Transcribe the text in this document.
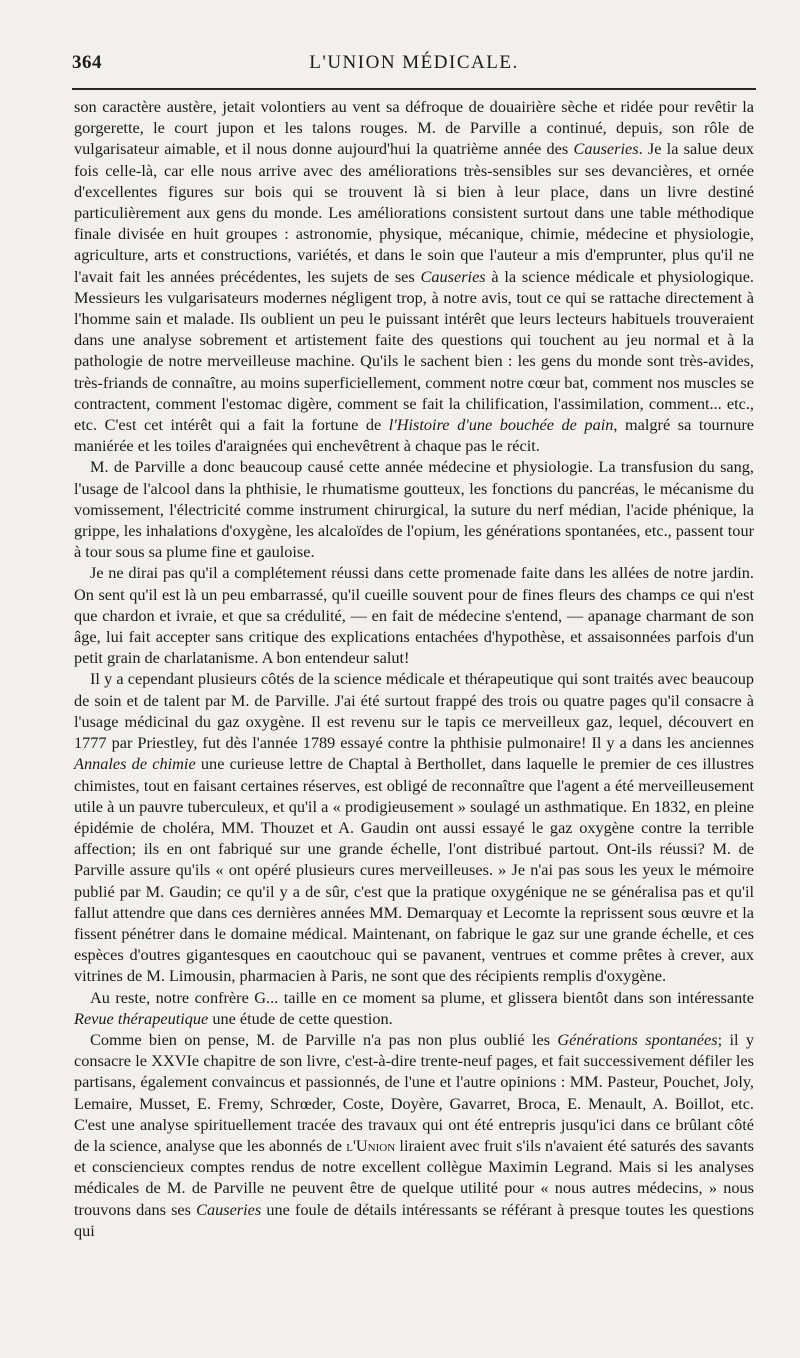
364	L'UNION MÉDICALE.

son caractère austère, jetait volontiers au vent sa défroque de douairière sèche et ridée pour revêtir la gorgerette, le court jupon et les talons rouges. M. de Parville a continué, depuis, son rôle de vulgarisateur aimable, et il nous donne aujourd'hui la quatrième année des Causeries. Je la salue deux fois celle-là, car elle nous arrive avec des améliorations très-sensibles sur ses devancières, et ornée d'excellentes figures sur bois qui se trouvent là si bien à leur place, dans un livre destiné particulièrement aux gens du monde. Les améliorations consistent surtout dans une table méthodique finale divisée en huit groupes : astronomie, physique, mécanique, chimie, médecine et physiologie, agriculture, arts et constructions, variétés, et dans le soin que l'auteur a mis d'emprunter, plus qu'il ne l'avait fait les années précédentes, les sujets de ses Causeries à la science médicale et physiologique. Messieurs les vulgarisateurs modernes négligent trop, à notre avis, tout ce qui se rattache directement à l'homme sain et malade. Ils oublient un peu le puissant intérêt que leurs lecteurs habituels trouveraient dans une analyse sobrement et artistement faite des questions qui touchent au jeu normal et à la pathologie de notre merveilleuse machine. Qu'ils le sachent bien : les gens du monde sont très-avides, très-friands de connaître, au moins superficiellement, comment notre cœur bat, comment nos muscles se contractent, comment l'estomac digère, comment se fait la chilification, l'assimilation, comment... etc., etc. C'est cet intérêt qui a fait la fortune de l'Histoire d'une bouchée de pain, malgré sa tournure maniérée et les toiles d'araignées qui enchevêtrent à chaque pas le récit.

M. de Parville a donc beaucoup causé cette année médecine et physiologie. La transfusion du sang, l'usage de l'alcool dans la phthisie, le rhumatisme goutteux, les fonctions du pancréas, le mécanisme du vomissement, l'électricité comme instrument chirurgical, la suture du nerf médian, l'acide phénique, la grippe, les inhalations d'oxygène, les alcaloïdes de l'opium, les générations spontanées, etc., passent tour à tour sous sa plume fine et gauloise.

Je ne dirai pas qu'il a complétement réussi dans cette promenade faite dans les allées de notre jardin. On sent qu'il est là un peu embarrassé, qu'il cueille souvent pour de fines fleurs des champs ce qui n'est que chardon et ivraie, et que sa crédulité, — en fait de médecine s'entend, — apanage charmant de son âge, lui fait accepter sans critique des explications entachées d'hypothèse, et assaisonnées parfois d'un petit grain de charlatanisme. A bon entendeur salut!

Il y a cependant plusieurs côtés de la science médicale et thérapeutique qui sont traités avec beaucoup de soin et de talent par M. de Parville. J'ai été surtout frappé des trois ou quatre pages qu'il consacre à l'usage médicinal du gaz oxygène. Il est revenu sur le tapis ce merveilleux gaz, lequel, découvert en 1777 par Priestley, fut dès l'année 1789 essayé contre la phthisie pulmonaire! Il y a dans les anciennes Annales de chimie une curieuse lettre de Chaptal à Berthollet, dans laquelle le premier de ces illustres chimistes, tout en faisant certaines réserves, est obligé de reconnaître que l'agent a été merveilleusement utile à un pauvre tuberculeux, et qu'il a « prodigieusement » soulagé un asthmatique. En 1832, en pleine épidémie de choléra, MM. Thouzet et A. Gaudin ont aussi essayé le gaz oxygène contre la terrible affection; ils en ont fabriqué sur une grande échelle, l'ont distribué partout. Ont-ils réussi? M. de Parville assure qu'ils « ont opéré plusieurs cures merveilleuses. » Je n'ai pas sous les yeux le mémoire publié par M. Gaudin; ce qu'il y a de sûr, c'est que la pratique oxygénique ne se généralisa pas et qu'il fallut attendre que dans ces dernières années MM. Demarquay et Lecomte la reprissent sous œuvre et la fissent pénétrer dans le domaine médical. Maintenant, on fabrique le gaz sur une grande échelle, et ces espèces d'outres gigantesques en caoutchouc qui se pavanent, ventrues et comme prêtes à crever, aux vitrines de M. Limousin, pharmacien à Paris, ne sont que des récipients remplis d'oxygène.

Au reste, notre confrère G... taille en ce moment sa plume, et glissera bientôt dans son intéressante Revue thérapeutique une étude de cette question.

Comme bien on pense, M. de Parville n'a pas non plus oublié les Générations spontanées; il y consacre le XXVIe chapitre de son livre, c'est-à-dire trente-neuf pages, et fait successivement défiler les partisans, également convaincus et passionnés, de l'une et l'autre opinions : MM. Pasteur, Pouchet, Joly, Lemaire, Musset, E. Fremy, Schrœder, Coste, Doyère, Gavarret, Broca, E. Menault, A. Boillot, etc. C'est une analyse spirituellement tracée des travaux qui ont été entrepris jusqu'ici dans ce brûlant côté de la science, analyse que les abonnés de l'Union liraient avec fruit s'ils n'avaient été saturés des savants et consciencieux comptes rendus de notre excellent collègue Maximin Legrand. Mais si les analyses médicales de M. de Parville ne peuvent être de quelque utilité pour « nous autres médecins, » nous trouvons dans ses Causeries une foule de détails intéressants se référant à presque toutes les questions qui
